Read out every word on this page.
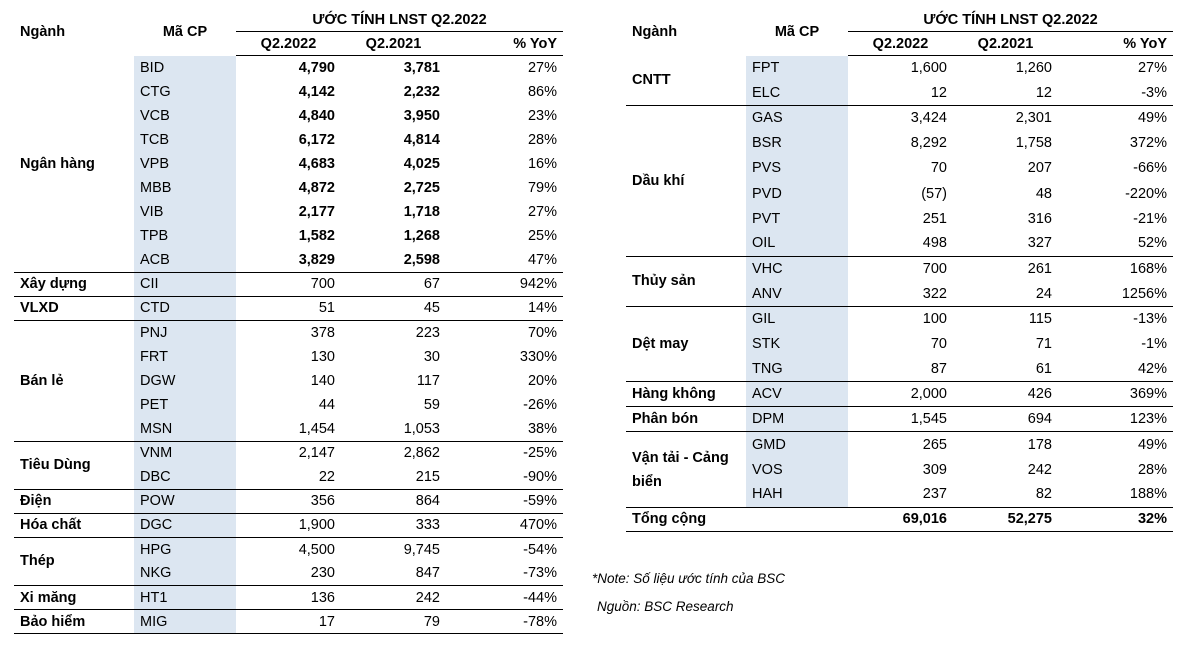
Ngành	Mã CP	ƯỚC TÍNH LNST Q2.2022		
		Q2.2022	Q2.2021	% YoY
Ngân hàng	BID	4,790	3,781	27%
	CTG	4,142	2,232	86%
	VCB	4,840	3,950	23%
	TCB	6,172	4,814	28%
	VPB	4,683	4,025	16%
	MBB	4,872	2,725	79%
	VIB	2,177	1,718	27%
	TPB	1,582	1,268	25%
	ACB	3,829	2,598	47%
Xây dựng	CII	700	67	942%
VLXD	CTD	51	45	14%
Bán lẻ	PNJ	378	223	70%
	FRT	130	30	330%
	DGW	140	117	20%
	PET	44	59	-26%
	MSN	1,454	1,053	38%
Tiêu Dùng	VNM	2,147	2,862	-25%
	DBC	22	215	-90%
Điện	POW	356	864	-59%
Hóa chất	DGC	1,900	333	470%
Thép	HPG	4,500	9,745	-54%
	NKG	230	847	-73%
Xi măng	HT1	136	242	-44%
Bảo hiểm	MIG	17	79	-78%
Ngành	Mã CP	ƯỚC TÍNH LNST Q2.2022		
		Q2.2022	Q2.2021	% YoY
CNTT	FPT	1,600	1,260	27%
	ELC	12	12	-3%
Dầu khí	GAS	3,424	2,301	49%
	BSR	8,292	1,758	372%
	PVS	70	207	-66%
	PVD	(57)	48	-220%
	PVT	251	316	-21%
	OIL	498	327	52%
Thủy sản	VHC	700	261	168%
	ANV	322	24	1256%
Dệt may	GIL	100	115	-13%
	STK	70	71	-1%
	TNG	87	61	42%
Hàng không	ACV	2,000	426	369%
Phân bón	DPM	1,545	694	123%
Vận tải - Cảng biển	GMD	265	178	49%
	VOS	309	242	28%
	HAH	237	82	188%
Tổng cộng		69,016	52,275	32%
*Note: Số liệu ước tính của BSC
Nguồn: BSC Research
